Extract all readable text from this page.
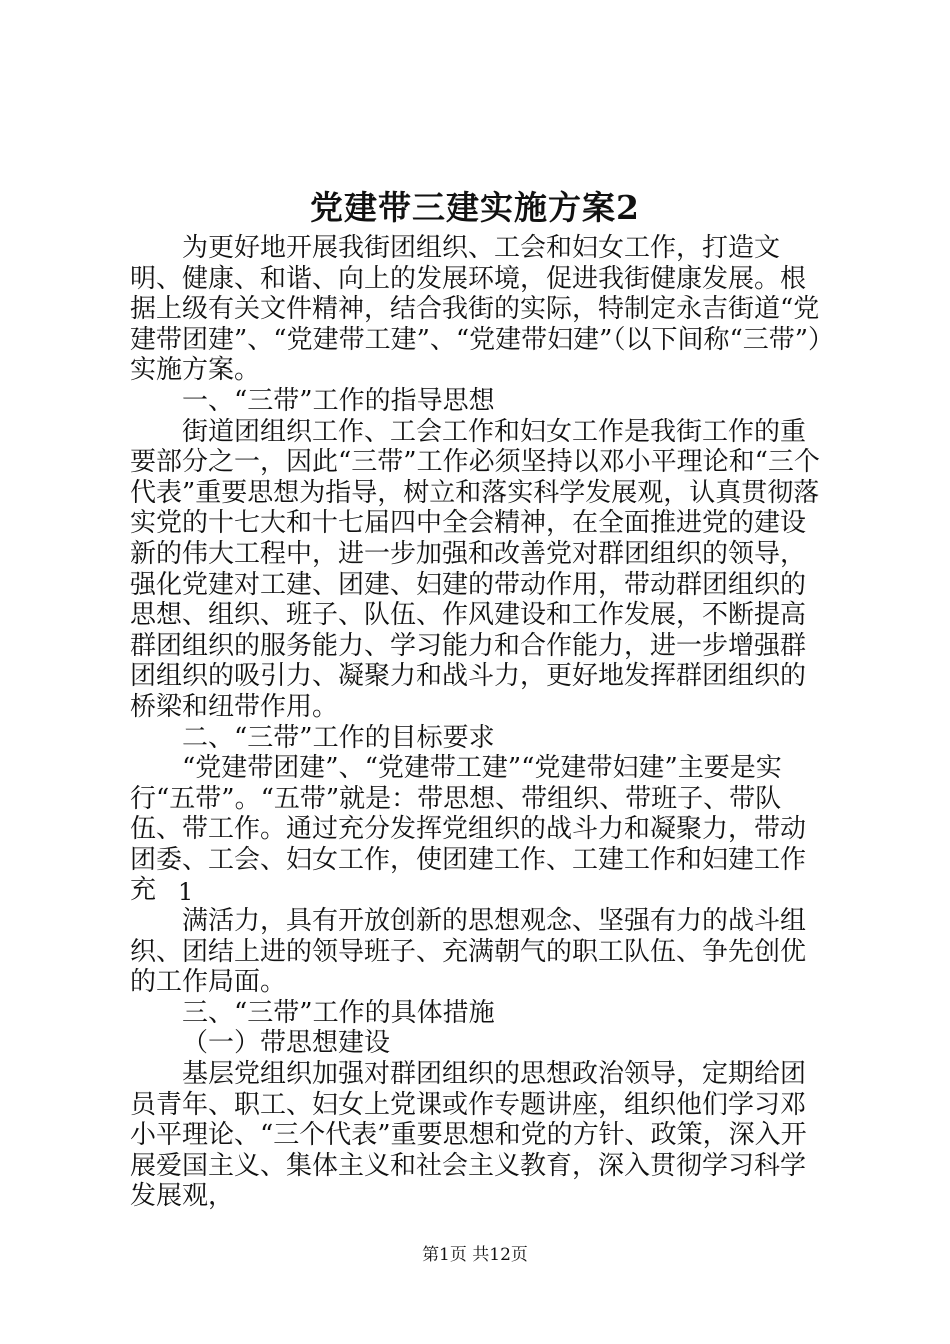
党建带三建实施方案2

为更好地开展我街团组织、工会和妇女工作，打造文明、健康、和谐、向上的发展环境，促进我街健康发展。根据上级有关文件精神，结合我街的实际，特制定永吉街道“党建带团建”、“党建带工建”、“党建带妇建”（以下间称“三带”）实施方案。

一、“三带”工作的指导思想

街道团组织工作、工会工作和妇女工作是我街工作的重要部分之一，因此“三带”工作必须坚持以邓小平理论和“三个代表”重要思想为指导，树立和落实科学发展观，认真贯彻落实党的十七大和十七届四中全会精神，在全面推进党的建设新的伟大工程中，进一步加强和改善党对群团组织的领导，强化党建对工建、团建、妇建的带动作用，带动群团组织的思想、组织、班子、队伍、作风建设和工作发展，不断提高群团组织的服务能力、学习能力和合作能力，进一步增强群团组织的吸引力、凝聚力和战斗力，更好地发挥群团组织的桥梁和纽带作用。

二、“三带”工作的目标要求

“党建带团建”、“党建带工建”“党建带妇建”主要是实行“五带”。“五带”就是：带思想、带组织、带班子、带队伍、带工作。通过充分发挥党组织的战斗力和凝聚力，带动团委、工会、妇女工作，使团建工作、工建工作和妇建工作充 1

满活力，具有开放创新的思想观念、坚强有力的战斗组织、团结上进的领导班子、充满朝气的职工队伍、争先创优的工作局面。

三、“三带”工作的具体措施

（一）带思想建设

基层党组织加强对群团组织的思想政治领导，定期给团员青年、职工、妇女上党课或作专题讲座，组织他们学习邓小平理论、“三个代表”重要思想和党的方针、政策，深入开展爱国主义、集体主义和社会主义教育，深入贯彻学习科学发展观，

第1页 共12页
